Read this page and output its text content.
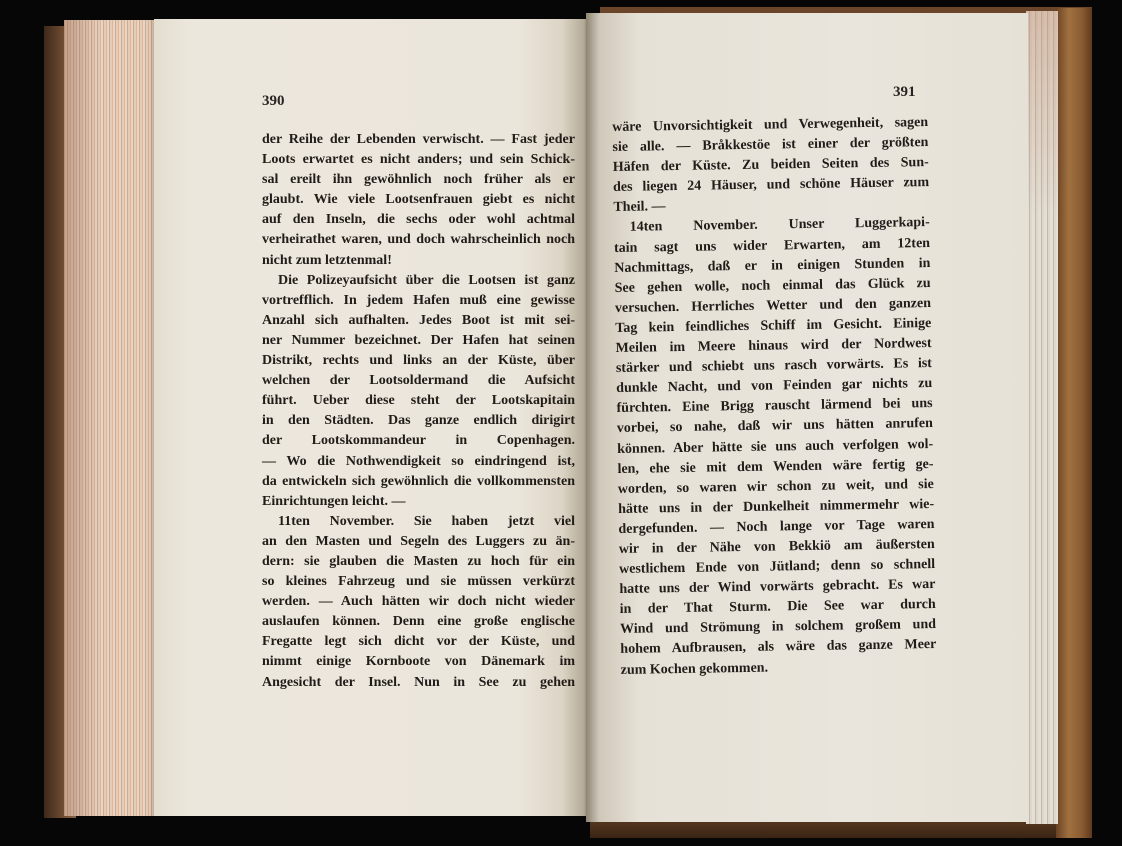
390
391
der Reihe der Lebenden verwischt. — Fast jeder
Loots erwartet es nicht anders; und sein Schick-
sal ereilt ihn gewöhnlich noch früher als er
glaubt. Wie viele Lootsenfrauen giebt es nicht
auf den Inseln, die sechs oder wohl achtmal
verheirathet waren, und doch wahrscheinlich noch
nicht zum letztenmal!
Die Polizeyaufsicht über die Lootsen ist ganz
vortrefflich. In jedem Hafen muß eine gewisse
Anzahl sich aufhalten. Jedes Boot ist mit sei-
ner Nummer bezeichnet. Der Hafen hat seinen
Distrikt, rechts und links an der Küste, über
welchen der Lootsoldermand die Aufsicht
führt. Ueber diese steht der Lootskapitain
in den Städten. Das ganze endlich dirigirt
der Lootskommandeur in Copenhagen.
— Wo die Nothwendigkeit so eindringend ist,
da entwickeln sich gewöhnlich die vollkommensten
Einrichtungen leicht. —
11ten November. Sie haben jetzt viel
an den Masten und Segeln des Luggers zu än-
dern: sie glauben die Masten zu hoch für ein
so kleines Fahrzeug und sie müssen verkürzt
werden. — Auch hätten wir doch nicht wieder
auslaufen können. Denn eine große englische
Fregatte legt sich dicht vor der Küste, und
nimmt einige Kornboote von Dänemark im
Angesicht der Insel. Nun in See zu gehen
wäre Unvorsichtigkeit und Verwegenheit, sagen
sie alle. — Bråkkestöe ist einer der größten
Häfen der Küste. Zu beiden Seiten des Sun-
des liegen 24 Häuser, und schöne Häuser zum
Theil. —
14ten November. Unser Luggerkapi-
tain sagt uns wider Erwarten, am 12ten
Nachmittags, daß er in einigen Stunden in
See gehen wolle, noch einmal das Glück zu
versuchen. Herrliches Wetter und den ganzen
Tag kein feindliches Schiff im Gesicht. Einige
Meilen im Meere hinaus wird der Nordwest
stärker und schiebt uns rasch vorwärts. Es ist
dunkle Nacht, und von Feinden gar nichts zu
fürchten. Eine Brigg rauscht lärmend bei uns
vorbei, so nahe, daß wir uns hätten anrufen
können. Aber hätte sie uns auch verfolgen wol-
len, ehe sie mit dem Wenden wäre fertig ge-
worden, so waren wir schon zu weit, und sie
hätte uns in der Dunkelheit nimmermehr wie-
dergefunden. — Noch lange vor Tage waren
wir in der Nähe von Bekkiö am äußersten
westlichem Ende von Jütland; denn so schnell
hatte uns der Wind vorwärts gebracht. Es war
in der That Sturm. Die See war durch
Wind und Strömung in solchem großem und
hohem Aufbrausen, als wäre das ganze Meer
zum Kochen gekommen.
